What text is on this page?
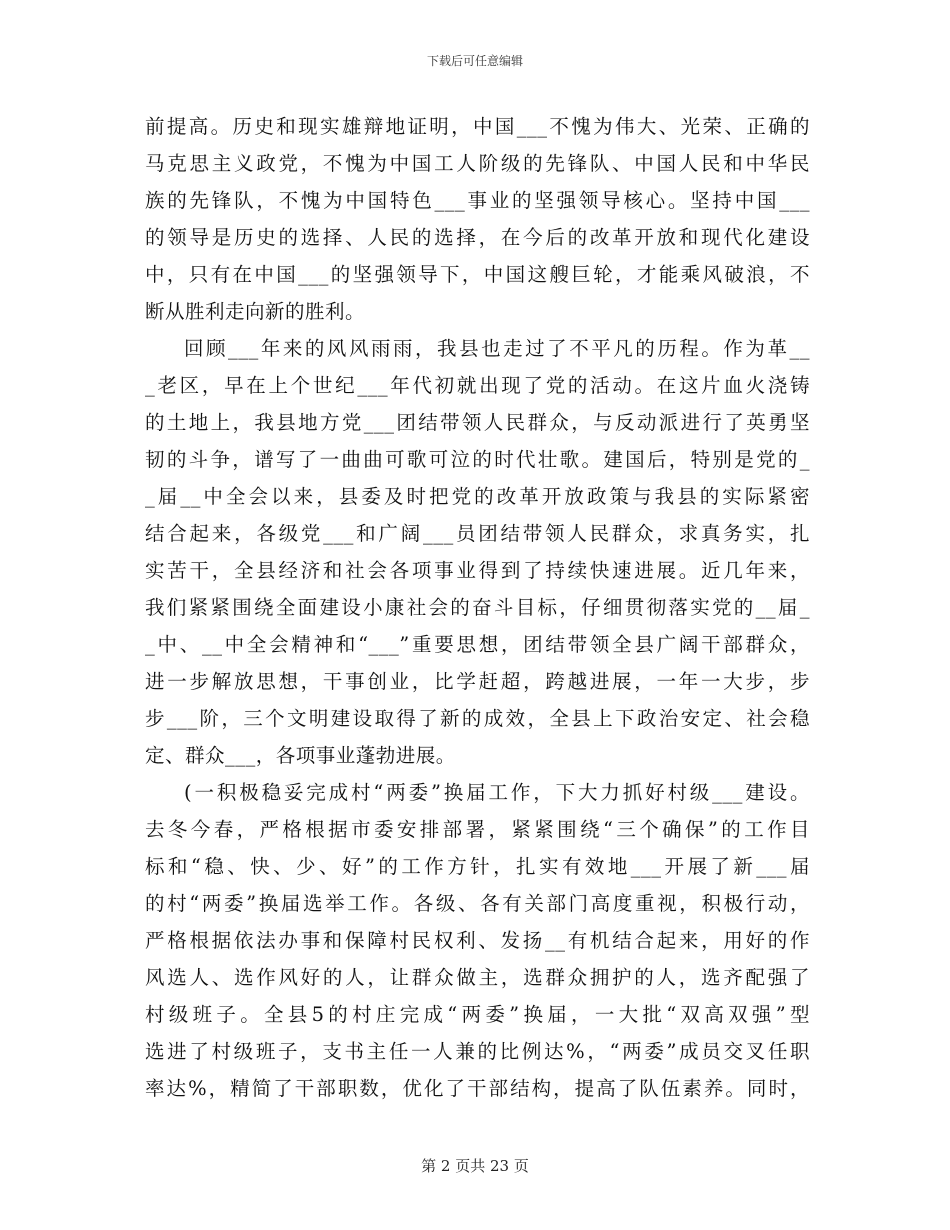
下载后可任意编辑
前提高。历史和现实雄辩地证明，中国___不愧为伟大、光荣、正确的
马克思主义政党，不愧为中国工人阶级的先锋队、中国人民和中华民
族的先锋队，不愧为中国特色___事业的坚强领导核心。坚持中国___
的领导是历史的选择、人民的选择，在今后的改革开放和现代化建设
中，只有在中国___的坚强领导下，中国这艘巨轮，才能乘风破浪，不
断从胜利走向新的胜利。
回顾___年来的风风雨雨，我县也走过了不平凡的历程。作为革__
_老区，早在上个世纪___年代初就出现了党的活动。在这片血火浇铸
的土地上，我县地方党___团结带领人民群众，与反动派进行了英勇坚
韧的斗争，谱写了一曲曲可歌可泣的时代壮歌。建国后，特别是党的_
_届__中全会以来，县委及时把党的改革开放政策与我县的实际紧密
结合起来，各级党___和广阔___员团结带领人民群众，求真务实，扎
实苦干，全县经济和社会各项事业得到了持续快速进展。近几年来，
我们紧紧围绕全面建设小康社会的奋斗目标，仔细贯彻落实党的__届_
_中、__中全会精神和“___”重要思想，团结带领全县广阔干部群众，
进一步解放思想，干事创业，比学赶超，跨越进展，一年一大步，步
步___阶，三个文明建设取得了新的成效，全县上下政治安定、社会稳
定、群众___，各项事业蓬勃进展。
(一积极稳妥完成村“两委”换届工作，下大力抓好村级___建设。
去冬今春，严格根据市委安排部署，紧紧围绕“三个确保”的工作目
标和“稳、快、少、好”的工作方针，扎实有效地___开展了新___届
的村“两委”换届选举工作。各级、各有关部门高度重视，积极行动，
严格根据依法办事和保障村民权利、发扬__有机结合起来，用好的作
风选人、选作风好的人，让群众做主，选群众拥护的人，选齐配强了
村级班子。全县5的村庄完成“两委”换届，一大批“双高双强”型
选进了村级班子，支书主任一人兼的比例达%，“两委”成员交叉任职
率达%，精简了干部职数，优化了干部结构，提高了队伍素养。同时，
第 2 页共 23 页
